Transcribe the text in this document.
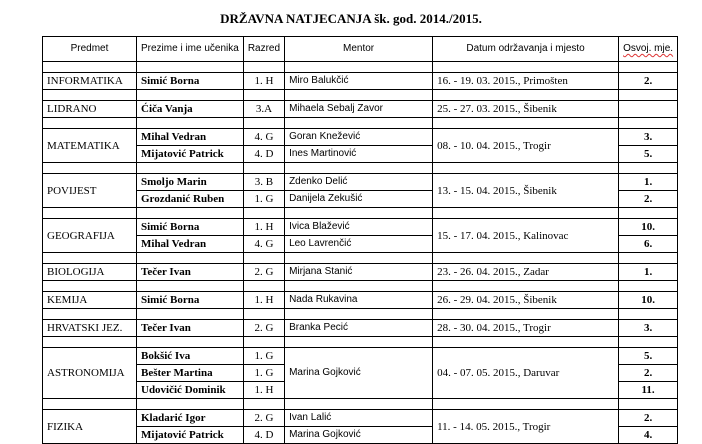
DRŽAVNA NATJECANJA šk. god. 2014./2015.
Predmet	Prezime i ime učenika	Razred	Mentor	Datum održavanja i mjesto	Osvoj. mje.

INFORMATIKA	Simić Borna	1. H	Miro Balukčić	16. - 19. 03. 2015., Primošten	2.

LIDRANO	Ćiča Vanja	3.A	Mihaela Sebalj Zavor	25. - 27. 03. 2015., Šibenik	

MATEMATIKA	Mihal Vedran	4. G	Goran Knežević	08. - 10. 04. 2015., Trogir	3.
	Mijatović Patrick	4. D	Ines Martinović		5.

POVIJEST	Smoljo Marin	3. B	Zdenko Delić	13. - 15. 04. 2015., Šibenik	1.
	Grozdanić Ruben	1. G	Danijela Zekušić		2.

GEOGRAFIJA	Simić Borna	1. H	Ivica Blažević	15. - 17. 04. 2015., Kalinovac	10.
	Mihal Vedran	4. G	Leo Lavrenčić		6.

BIOLOGIJA	Tečer Ivan	2. G	Mirjana Stanić	23. - 26. 04. 2015., Zadar	1.

KEMIJA	Simić Borna	1. H	Nada Rukavina	26. - 29. 04. 2015., Šibenik	10.

HRVATSKI JEZ.	Tečer Ivan	2. G	Branka Pecić	28. - 30. 04. 2015., Trogir	3.

ASTRONOMIJA	Bokšić Iva	1. G	Marina Gojković	04. - 07. 05. 2015., Daruvar	5.
	Bešter Martina	1. G			2.
	Udovičić Dominik	1. H			11.

FIZIKA	Kladarić Igor	2. G	Ivan Lalić	11. - 14. 05. 2015., Trogir	2.
	Mijatović Patrick	4. D	Marina Gojković		4.
